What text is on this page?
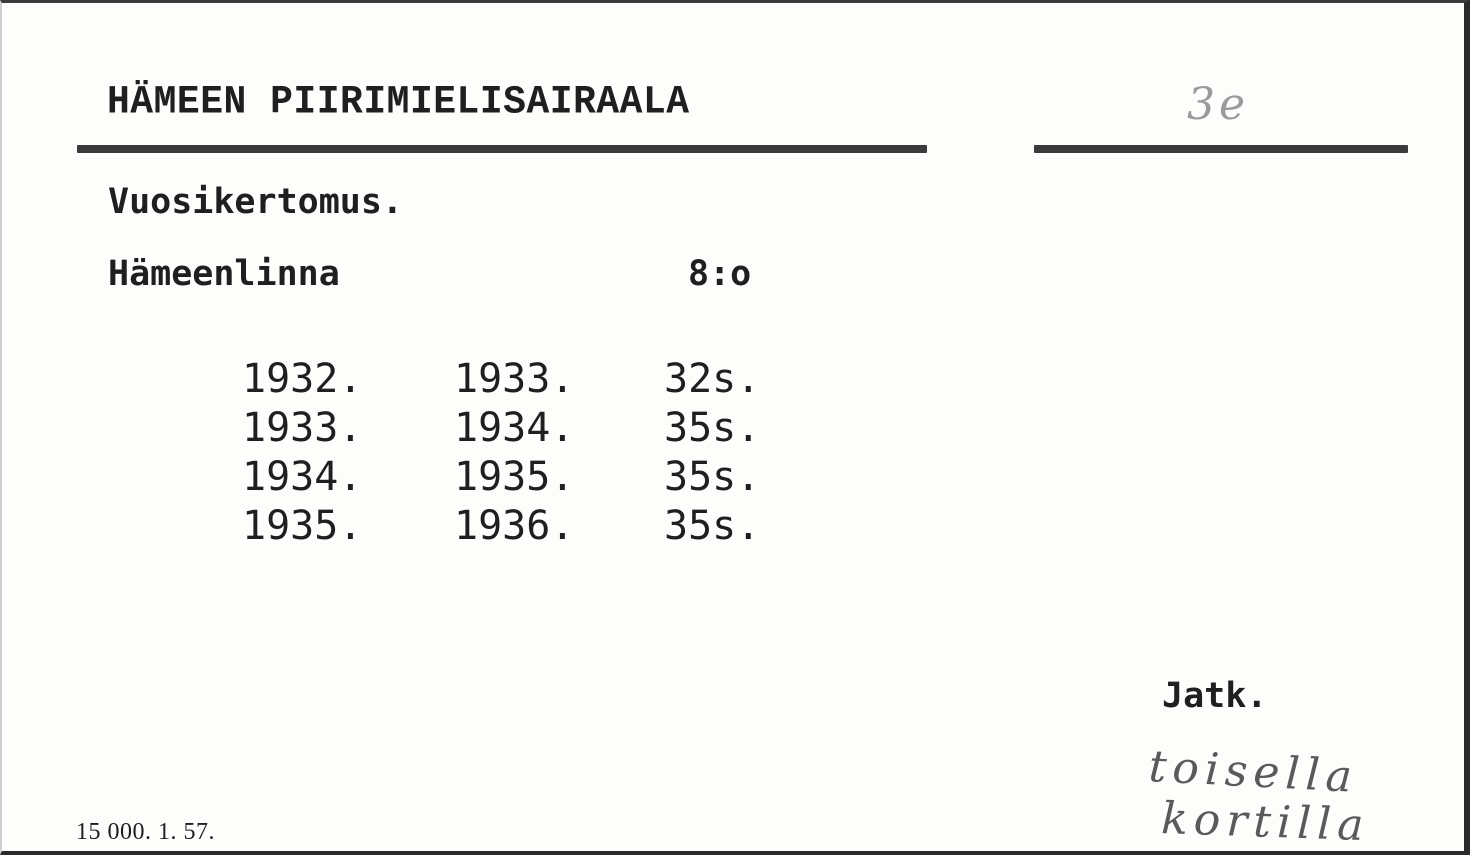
HÄMEEN PIIRIMIELISAIRAALA	3e
Vuosikertomus.
Hämeenlinna	8:o
1932. 1933. 32s.
1933. 1934. 35s.
1934. 1935. 35s.
1935. 1936. 35s.
Jatk.
toisella
kortilla
15 000. 1. 57.
